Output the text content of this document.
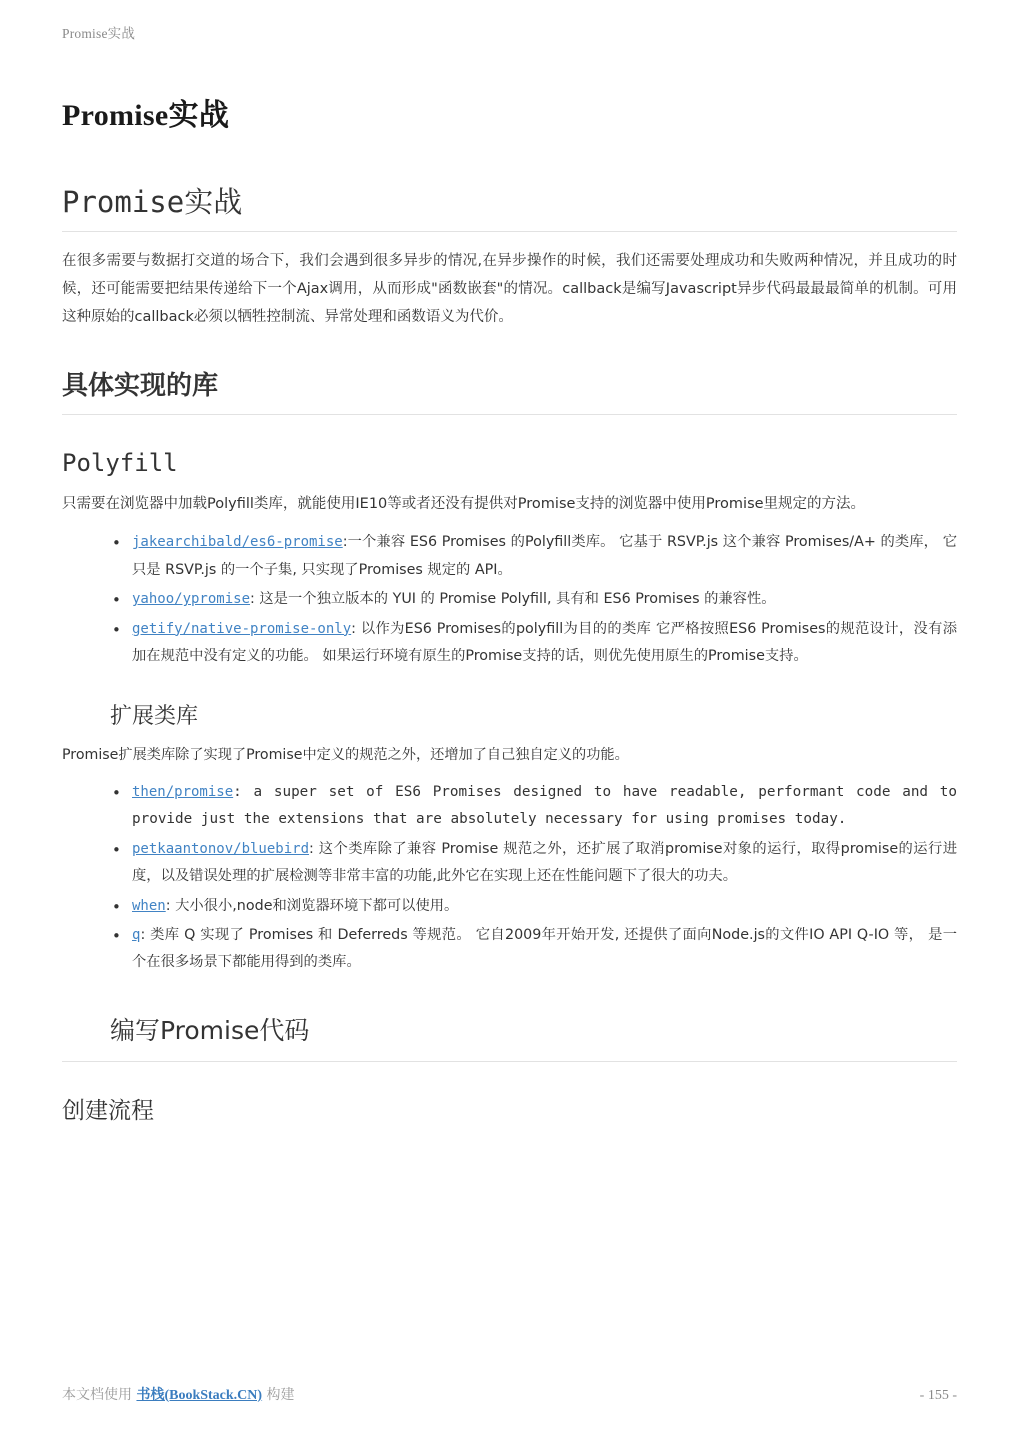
Promise实战
Promise实战
Promise实战

在很多需要与数据打交道的场合下，我们会遇到很多异步的情况,在异步操作的时候，我们还需要处理成功和失败两种情况，并且成功的时候，还可能需要把结果传递给下一个Ajax调用，从而形成"函数嵌套"的情况。callback是编写Javascript异步代码最最最简单的机制。可用这种原始的callback必须以牺牲控制流、异常处理和函数语义为代价。

具体实现的库
Polyfill

只需要在浏览器中加载Polyfill类库，就能使用IE10等或者还没有提供对Promise支持的浏览器中使用Promise里规定的方法。

• jakearchibald/es6-promise:一个兼容 ES6 Promises 的Polyfill类库。 它基于 RSVP.js 这个兼容 Promises/A+ 的类库， 它只是 RSVP.js 的一个子集, 只实现了Promises 规定的 API。
• yahoo/ypromise: 这是一个独立版本的 YUI 的 Promise Polyfill, 具有和 ES6 Promises 的兼容性。
• getify/native-promise-only: 以作为ES6 Promises的polyfill为目的的类库 它严格按照ES6 Promises的规范设计，没有添加在规范中没有定义的功能。 如果运行环境有原生的Promise支持的话，则优先使用原生的Promise支持。
扩展类库

Promise扩展类库除了实现了Promise中定义的规范之外，还增加了自己独自定义的功能。

• then/promise: a super set of ES6 Promises designed to have readable, performant code and to provide just the extensions that are absolutely necessary for using promises today.
• petkaantonov/bluebird: 这个类库除了兼容 Promise 规范之外，还扩展了取消promise对象的运行，取得promise的运行进度，以及错误处理的扩展检测等非常丰富的功能,此外它在实现上还在性能问题下了很大的功夫。
• when: 大小很小,node和浏览器环境下都可以使用。
• q: 类库 Q 实现了 Promises 和 Deferreds 等规范。 它自2009年开始开发, 还提供了面向Node.js的文件IO API Q-IO 等， 是一个在很多场景下都能用得到的类库。
编写Promise代码
创建流程
本文档使用 书栈(BookStack.CN) 构建	- 155 -
